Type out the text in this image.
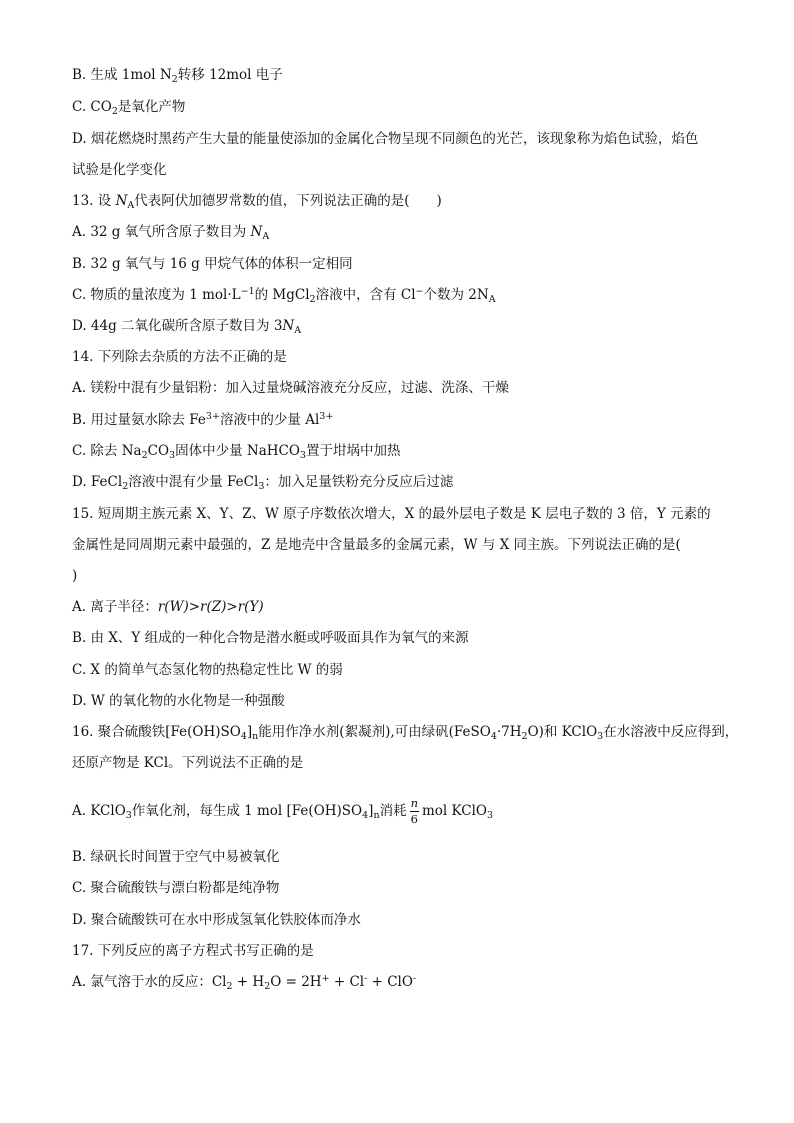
B. 生成 1mol $N_2$转移 12mol 电子
C. $CO_2$是氧化产物
D. 烟花燃烧时黑药产生大量的能量使添加的金属化合物呈现不同颜色的光芒，该现象称为焰色试验，焰色
试验是化学变化
13. 设 $N_A$代表阿伏加德罗常数的值，下列说法正确的是(　　)
A. 32 g 氧气所含原子数目为 $N_A$
B. 32 g 氧气与 16 g 甲烷气体的体积一定相同
C. 物质的量浓度为 1 $mol\cdot L^{-1}$的 MgCl$_2$溶液中，含有 Cl−个数为 $2N_A$
D. 44g 二氧化碳所含原子数目为 $3N_A$
14. 下列除去杂质的方法不正确的是
A. 镁粉中混有少量铝粉：加入过量烧碱溶液充分反应，过滤、洗涤、干燥
B. 用过量氨水除去 $Fe^{3+}$溶液中的少量 $Al^{3+}$
C. 除去 $Na_2CO_3$固体中少量 NaHCO$_3$置于坩埚中加热
D. FeCl$_2$溶液中混有少量 FeCl$_3$：加入足量铁粉充分反应后过滤
15. 短周期主族元素 X、Y、Z、W 原子序数依次增大，X 的最外层电子数是 K 层电子数的 3 倍，Y 元素的
金属性是同周期元素中最强的，Z 是地壳中含量最多的金属元素，W 与 X 同主族。下列说法正确的是(
)
A. 离子半径：r(W)>r(Z)>r(Y)
B. 由 X、Y 组成的一种化合物是潜水艇或呼吸面具作为氧气的来源
C. X 的简单气态氢化物的热稳定性比 W 的弱
D. W 的氧化物的水化物是一种强酸
16. 聚合硫酸铁$[Fe(OH)SO_4]_n$能用作净水剂(絮凝剂),可由绿矾$(FeSO_4\cdot 7H_2O)$和 KClO$_3$在水溶液中反应得到，
还原产物是 KCl。下列说法不正确的是
A. KClO$_3$作氧化剂，每生成 1 mol $[Fe(OH)SO_4]_n$消耗 $\frac{n}{6}$ mol KClO$_3$
B. 绿矾长时间置于空气中易被氧化
C. 聚合硫酸铁与漂白粉都是纯净物
D. 聚合硫酸铁可在水中形成氢氧化铁胶体而净水
17. 下列反应的离子方程式书写正确的是
A. 氯气溶于水的反应：$Cl_2 + H_2O = 2H^+ + Cl^- + ClO^-$
